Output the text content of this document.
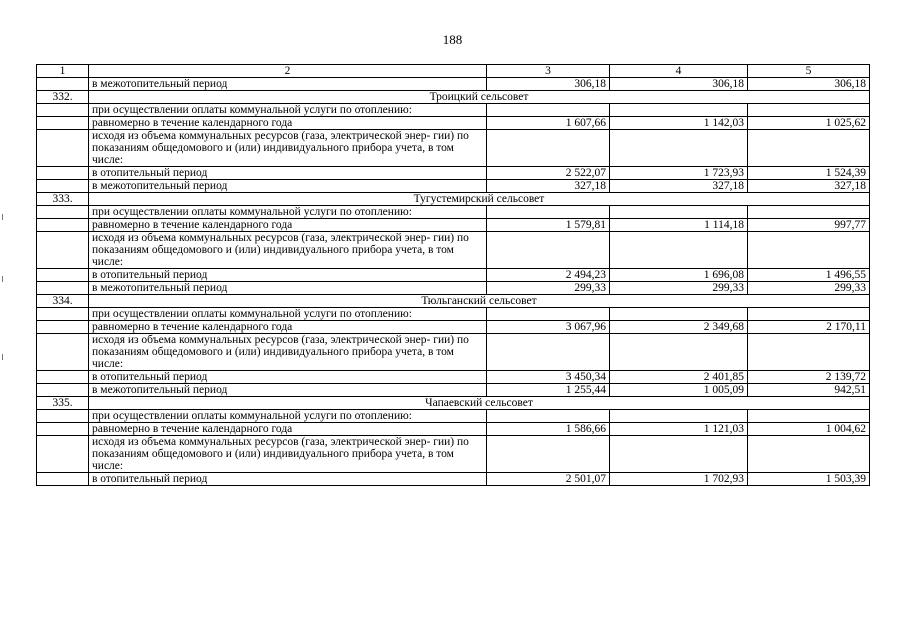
188
1	2	3	4	5
	в межотопительный период	306,18	306,18	306,18
332.	Троицкий сельсовет			
	при осуществлении оплаты коммунальной услуги по отоплению:			
	равномерно в течение календарного года	1 607,66	1 142,03	1 025,62
	исходя из объема коммунальных ресурсов (газа, электрической энер- гии) по показаниям общедомового и (или) индивидуального прибора учета, в том числе:			
	в отопительный период	2 522,07	1 723,93	1 524,39
	в межотопительный период	327,18	327,18	327,18
333.	Тугустемирский сельсовет			
	при осуществлении оплаты коммунальной услуги по отоплению:			
	равномерно в течение календарного года	1 579,81	1 114,18	997,77
	исходя из объема коммунальных ресурсов (газа, электрической энер- гии) по показаниям общедомового и (или) индивидуального прибора учета, в том числе:			
	в отопительный период	2 494,23	1 696,08	1 496,55
	в межотопительный период	299,33	299,33	299,33
334.	Тюльганский сельсовет			
	при осуществлении оплаты коммунальной услуги по отоплению:			
	равномерно в течение календарного года	3 067,96	2 349,68	2 170,11
	исходя из объема коммунальных ресурсов (газа, электрической энер- гии) по показаниям общедомового и (или) индивидуального прибора учета, в том числе:			
	в отопительный период	3 450,34	2 401,85	2 139,72
	в межотопительный период	1 255,44	1 005,09	942,51
335.	Чапаевский сельсовет			
	при осуществлении оплаты коммунальной услуги по отоплению:			
	равномерно в течение календарного года	1 586,66	1 121,03	1 004,62
	исходя из объема коммунальных ресурсов (газа, электрической энер- гии) по показаниям общедомового и (или) индивидуального прибора учета, в том числе:			
	в отопительный период	2 501,07	1 702,93	1 503,39
